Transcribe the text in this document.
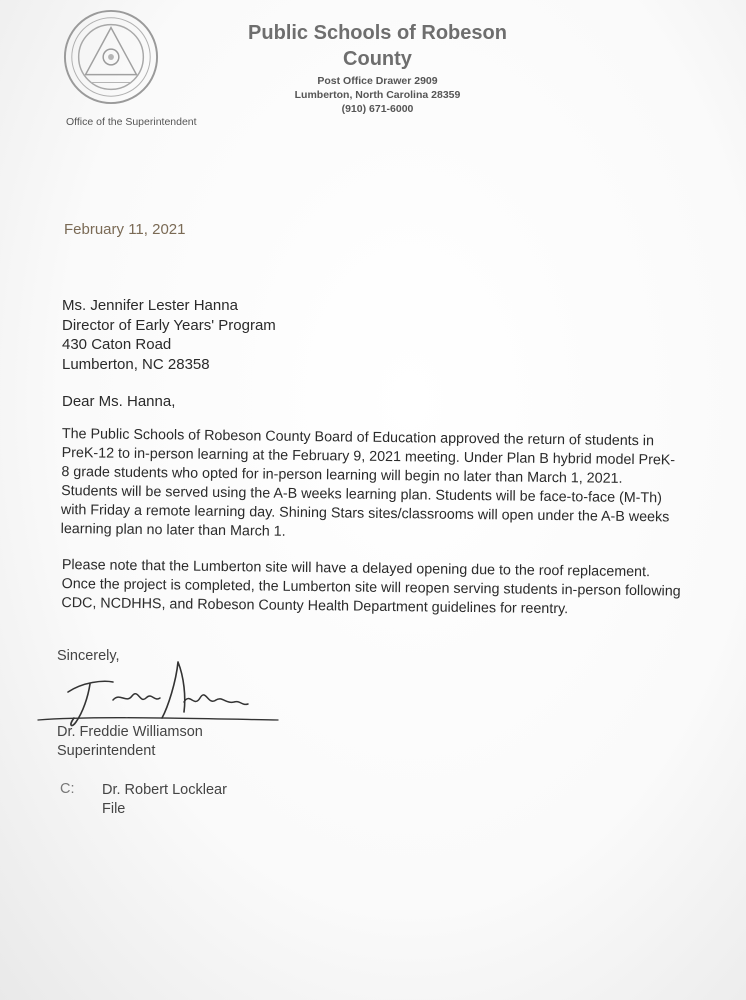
Public Schools of Robeson
County
Post Office Drawer 2909
Lumberton, North Carolina 28359
(910) 671-6000
Office of the Superintendent
February 11, 2021
Ms. Jennifer Lester Hanna
Director of Early Years' Program
430 Caton Road
Lumberton, NC 28358
Dear Ms. Hanna,

The Public Schools of Robeson County Board of Education approved the return of students in PreK-12 to in-person learning at the February 9, 2021 meeting. Under Plan B hybrid model PreK-8 grade students who opted for in-person learning will begin no later than March 1, 2021. Students will be served using the A-B weeks learning plan. Students will be face-to-face (M-Th) with Friday a remote learning day. Shining Stars sites/classrooms will open under the A-B weeks learning plan no later than March 1.

Please note that the Lumberton site will have a delayed opening due to the roof replacement. Once the project is completed, the Lumberton site will reopen serving students in-person following CDC, NCDHHS, and Robeson County Health Department guidelines for reentry.

Sincerely,
Dr. Freddie Williamson
Superintendent
C: Dr. Robert Locklear
File
